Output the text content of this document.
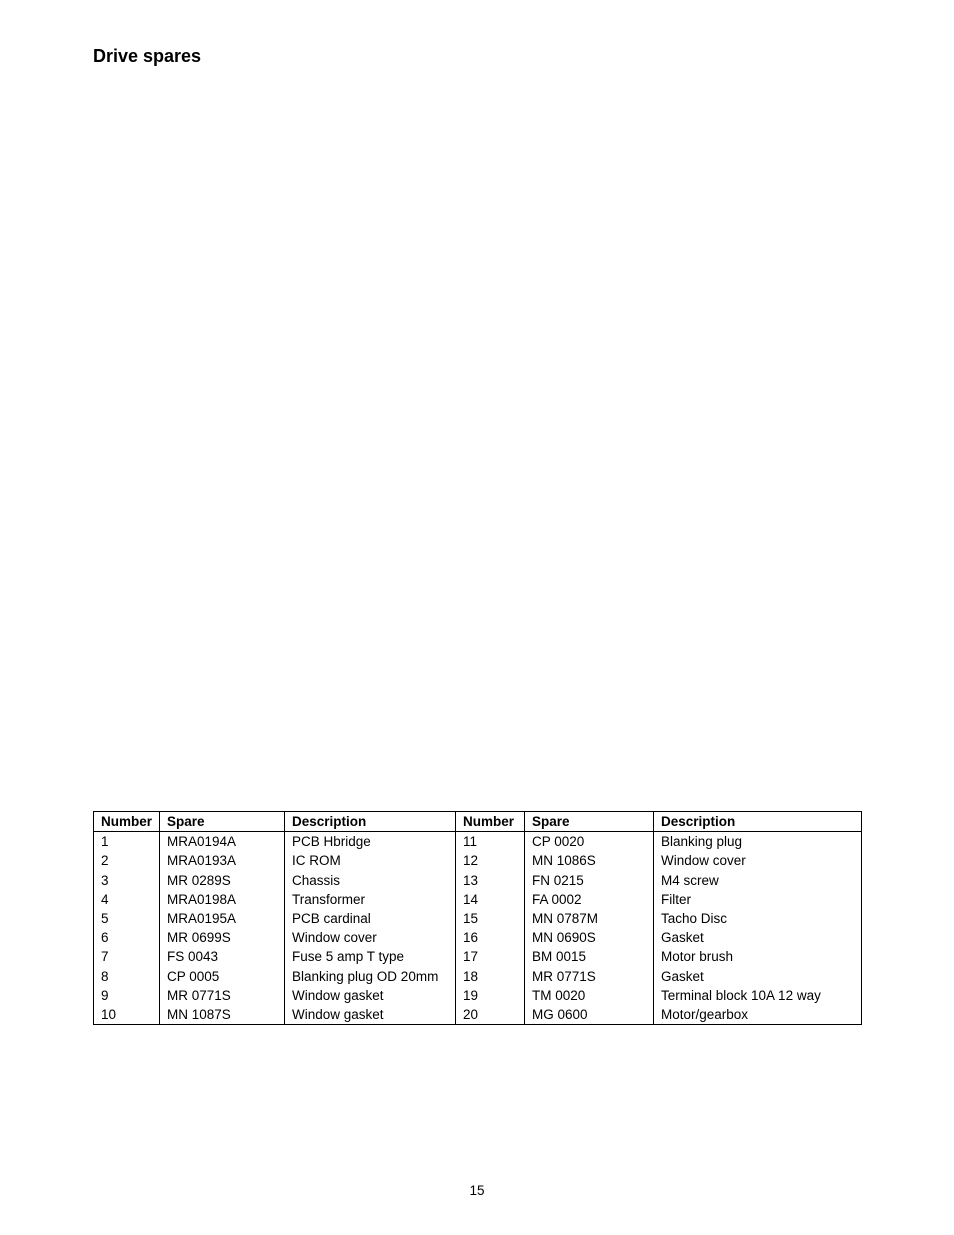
Drive spares
Number	Spare	Description	Number	Spare	Description
1	MRA0194A	PCB Hbridge	11	CP 0020	Blanking plug
2	MRA0193A	IC ROM	12	MN 1086S	Window cover
3	MR 0289S	Chassis	13	FN 0215	M4 screw
4	MRA0198A	Transformer	14	FA 0002	Filter
5	MRA0195A	PCB cardinal	15	MN 0787M	Tacho Disc
6	MR 0699S	Window cover	16	MN 0690S	Gasket
7	FS 0043	Fuse 5 amp T type	17	BM 0015	Motor brush
8	CP 0005	Blanking plug OD 20mm	18	MR 0771S	Gasket
9	MR 0771S	Window gasket	19	TM 0020	Terminal block 10A 12 way
10	MN 1087S	Window gasket	20	MG 0600	Motor/gearbox
15
